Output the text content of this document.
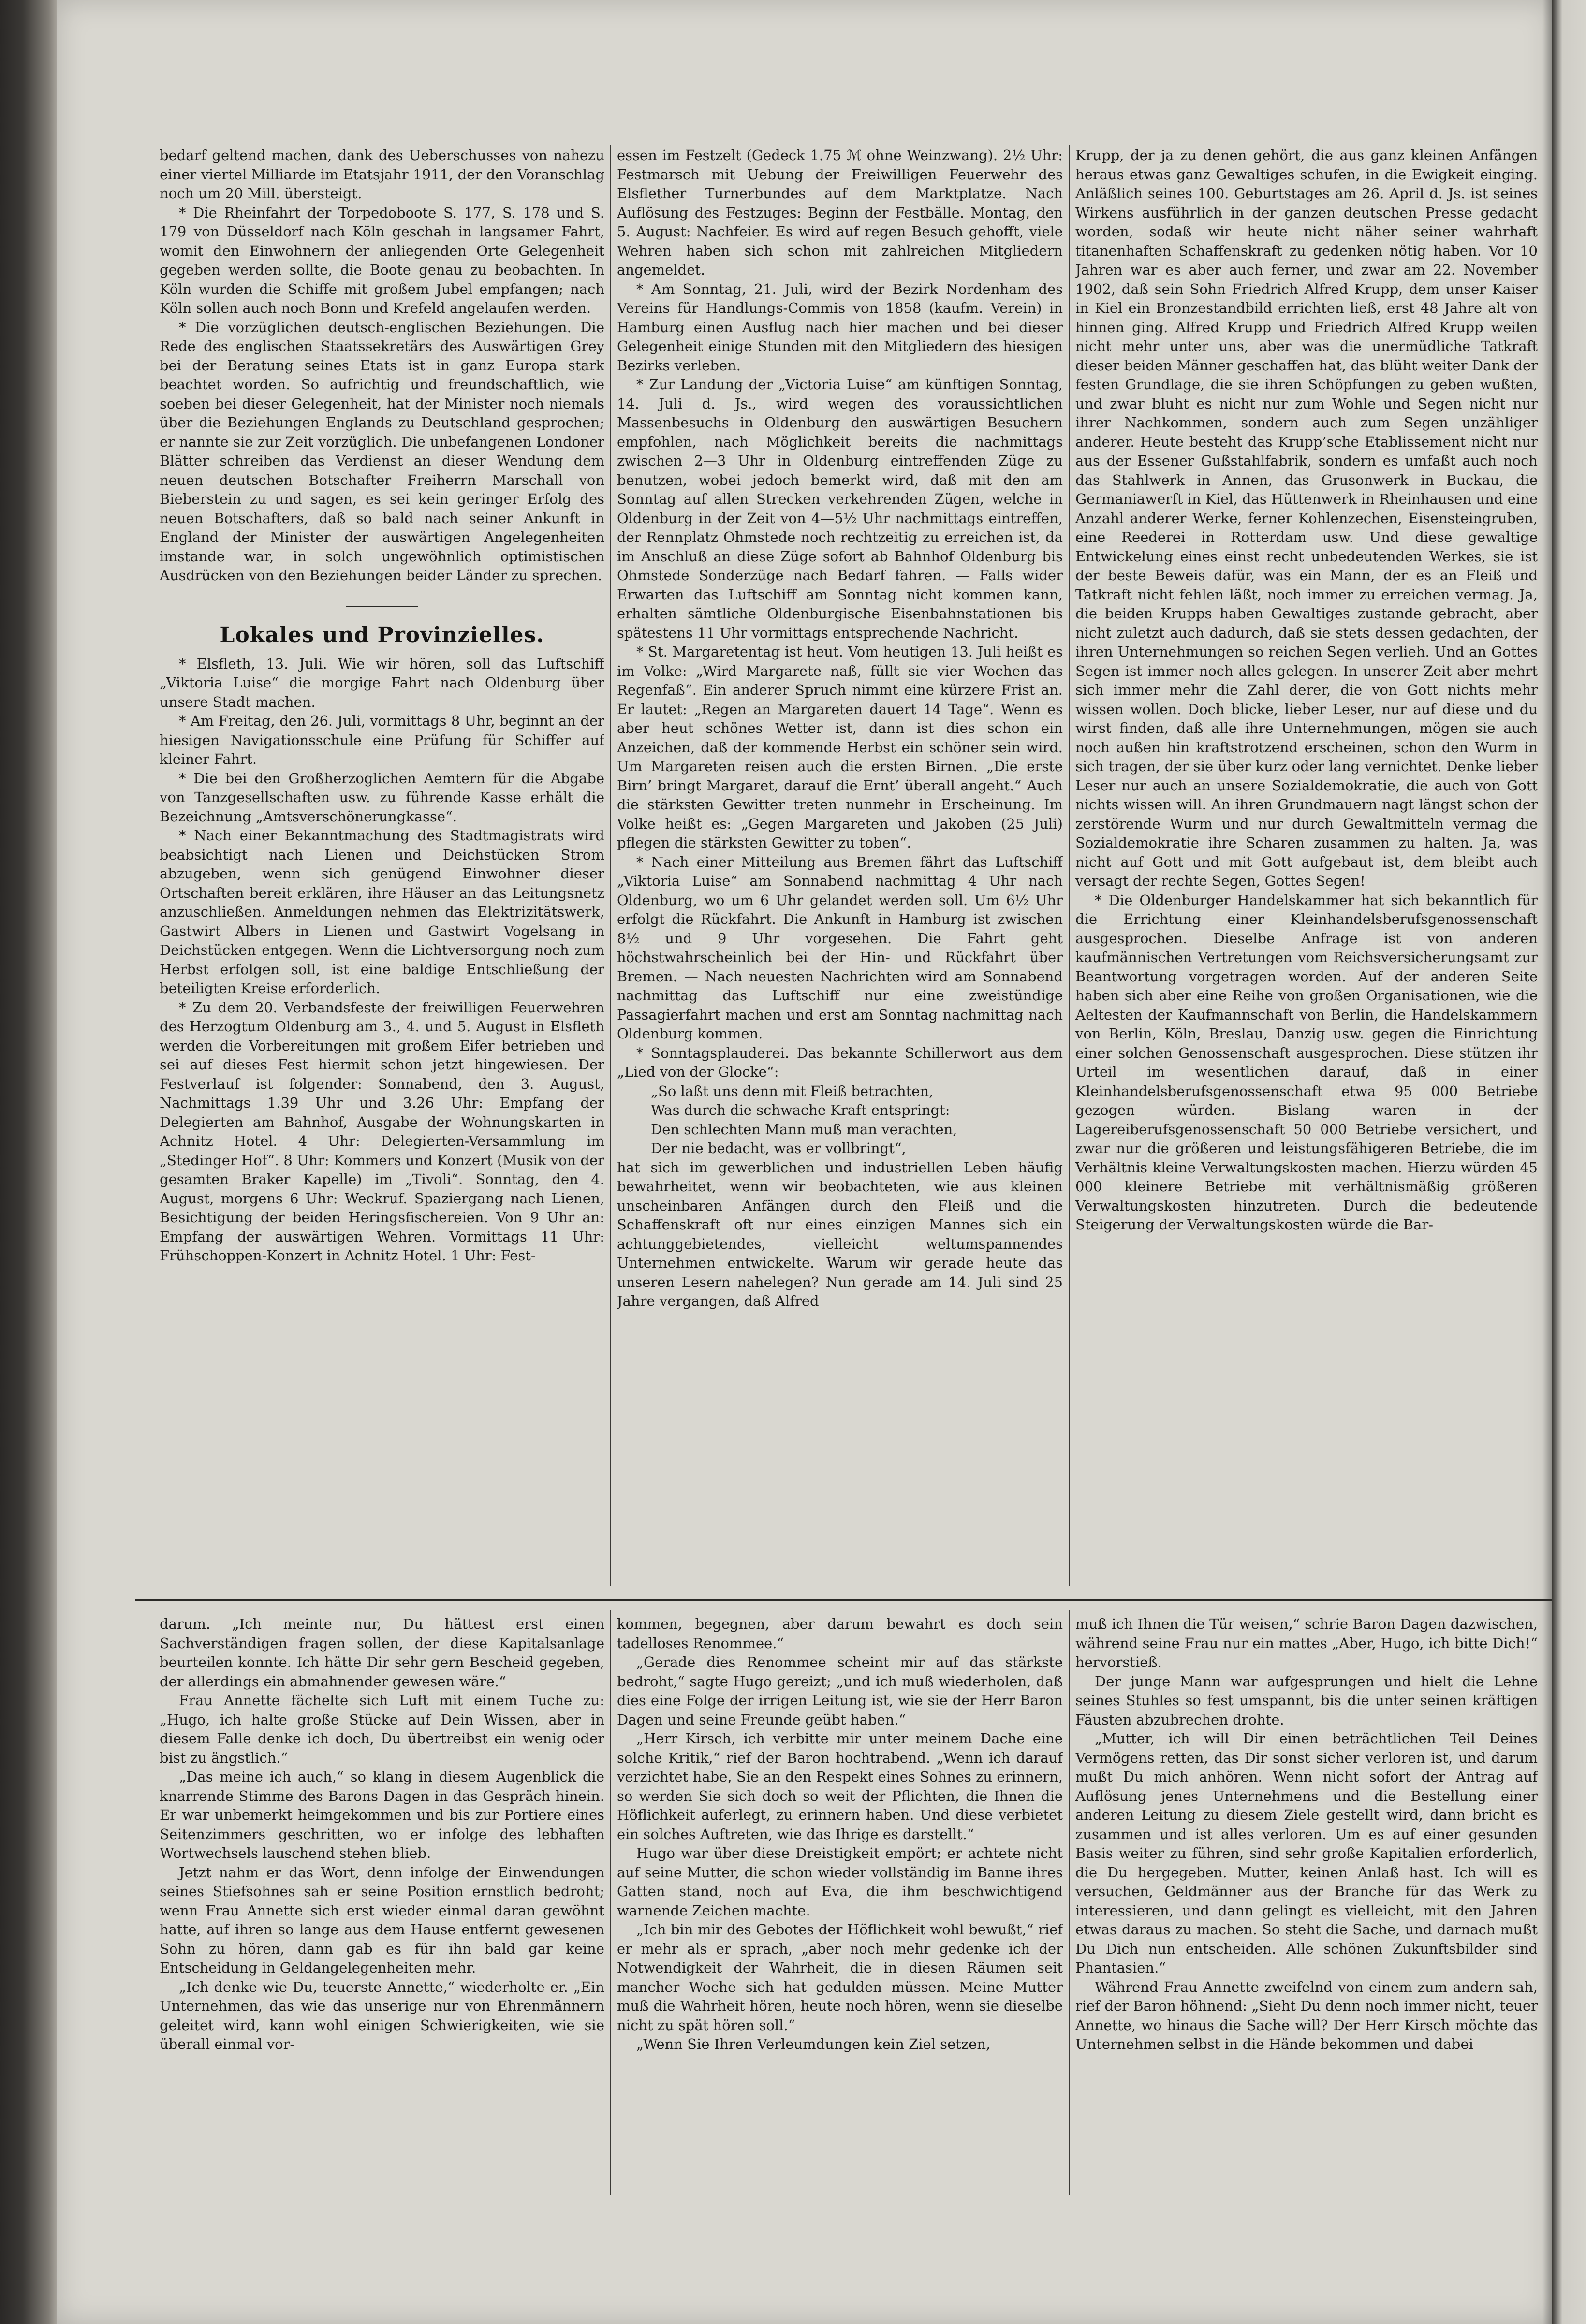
bedarf geltend machen, dank des Ueberschusses von nahezu einer viertel Milliarde im Etatsjahr 1911, der den Voranschlag noch um 20 Mill. übersteigt.

* Die Rheinfahrt der Torpedoboote S. 177, S. 178 und S. 179 von Düsseldorf nach Köln geschah in langsamer Fahrt, womit den Einwohnern der anliegenden Orte Gelegenheit gegeben werden sollte, die Boote genau zu beobachten. In Köln wurden die Schiffe mit großem Jubel empfangen; nach Köln sollen auch noch Bonn und Krefeld angelaufen werden.

* Die vorzüglichen deutsch-englischen Beziehungen. Die Rede des englischen Staatssekretärs des Auswärtigen Grey bei der Beratung seines Etats ist in ganz Europa stark beachtet worden. So aufrichtig und freundschaftlich, wie soeben bei dieser Gelegenheit, hat der Minister noch niemals über die Beziehungen Englands zu Deutschland gesprochen; er nannte sie zur Zeit vorzüglich. Die unbefangenen Londoner Blätter schreiben das Verdienst an dieser Wendung dem neuen deutschen Botschafter Freiherrn Marschall von Bieberstein zu und sagen, es sei kein geringer Erfolg des neuen Botschafters, daß so bald nach seiner Ankunft in England der Minister der auswärtigen Angelegenheiten imstande war, in solch ungewöhnlich optimistischen Ausdrücken von den Beziehungen beider Länder zu sprechen.

Lokales und Provinzielles.

* Elsfleth, 13. Juli. Wie wir hören, soll das Luftschiff „Viktoria Luise“ die morgige Fahrt nach Oldenburg über unsere Stadt machen.

* Am Freitag, den 26. Juli, vormittags 8 Uhr, beginnt an der hiesigen Navigationsschule eine Prüfung für Schiffer auf kleiner Fahrt.

* Die bei den Großherzoglichen Aemtern für die Abgabe von Tanzgesellschaften usw. zu führende Kasse erhält die Bezeichnung „Amtsverschönerungkasse“.

* Nach einer Bekanntmachung des Stadtmagistrats wird beabsichtigt nach Lienen und Deichstücken Strom abzugeben, wenn sich genügend Einwohner dieser Ortschaften bereit erklären, ihre Häuser an das Leitungsnetz anzuschließen. Anmeldungen nehmen das Elektrizitätswerk, Gastwirt Albers in Lienen und Gastwirt Vogelsang in Deichstücken entgegen. Wenn die Lichtversorgung noch zum Herbst erfolgen soll, ist eine baldige Entschließung der beteiligten Kreise erforderlich.

* Zu dem 20. Verbandsfeste der freiwilligen Feuerwehren des Herzogtum Oldenburg am 3., 4. und 5. August in Elsfleth werden die Vorbereitungen mit großem Eifer betrieben und sei auf dieses Fest hiermit schon jetzt hingewiesen. Der Festverlauf ist folgender: Sonnabend, den 3. August, Nachmittags 1.39 Uhr und 3.26 Uhr: Empfang der Delegierten am Bahnhof, Ausgabe der Wohnungskarten in Achnitz Hotel. 4 Uhr: Delegierten-Versammlung im „Stedinger Hof“. 8 Uhr: Kommers und Konzert (Musik von der gesamten Braker Kapelle) im „Tivoli“. Sonntag, den 4. August, morgens 6 Uhr: Weckruf. Spaziergang nach Lienen, Besichtigung der beiden Heringsfischereien. Von 9 Uhr an: Empfang der auswärtigen Wehren. Vormittags 11 Uhr: Frühschoppen-Konzert in Achnitz Hotel. 1 Uhr: Fest-

essen im Festzelt (Gedeck 1.75 ℳ ohne Weinzwang). 2½ Uhr: Festmarsch mit Uebung der Freiwilligen Feuerwehr des Elsflether Turnerbundes auf dem Marktplatze. Nach Auflösung des Festzuges: Beginn der Festbälle. Montag, den 5. August: Nachfeier. Es wird auf regen Besuch gehofft, viele Wehren haben sich schon mit zahlreichen Mitgliedern angemeldet.

* Am Sonntag, 21. Juli, wird der Bezirk Nordenham des Vereins für Handlungs-Commis von 1858 (kaufm. Verein) in Hamburg einen Ausflug nach hier machen und bei dieser Gelegenheit einige Stunden mit den Mitgliedern des hiesigen Bezirks verleben.

* Zur Landung der „Victoria Luise“ am künftigen Sonntag, 14. Juli d. Js., wird wegen des voraussichtlichen Massenbesuchs in Oldenburg den auswärtigen Besuchern empfohlen, nach Möglichkeit bereits die nachmittags zwischen 2—3 Uhr in Oldenburg eintreffenden Züge zu benutzen, wobei jedoch bemerkt wird, daß mit den am Sonntag auf allen Strecken verkehrenden Zügen, welche in Oldenburg in der Zeit von 4—5½ Uhr nachmittags eintreffen, der Rennplatz Ohmstede noch rechtzeitig zu erreichen ist, da im Anschluß an diese Züge sofort ab Bahnhof Oldenburg bis Ohmstede Sonderzüge nach Bedarf fahren. — Falls wider Erwarten das Luftschiff am Sonntag nicht kommen kann, erhalten sämtliche Oldenburgische Eisenbahnstationen bis spätestens 11 Uhr vormittags entsprechende Nachricht.

* St. Margaretentag ist heut. Vom heutigen 13. Juli heißt es im Volke: „Wird Margarete naß, füllt sie vier Wochen das Regenfaß“. Ein anderer Spruch nimmt eine kürzere Frist an. Er lautet: „Regen an Margareten dauert 14 Tage“. Wenn es aber heut schönes Wetter ist, dann ist dies schon ein Anzeichen, daß der kommende Herbst ein schöner sein wird. Um Margareten reisen auch die ersten Birnen. „Die erste Birn’ bringt Margaret, darauf die Ernt’ überall angeht.“ Auch die stärksten Gewitter treten nunmehr in Erscheinung. Im Volke heißt es: „Gegen Margareten und Jakoben (25 Juli) pflegen die stärksten Gewitter zu toben“.

* Nach einer Mitteilung aus Bremen fährt das Luftschiff „Viktoria Luise“ am Sonnabend nachmittag 4 Uhr nach Oldenburg, wo um 6 Uhr gelandet werden soll. Um 6½ Uhr erfolgt die Rückfahrt. Die Ankunft in Hamburg ist zwischen 8½ und 9 Uhr vorgesehen. Die Fahrt geht höchstwahrscheinlich bei der Hin- und Rückfahrt über Bremen. — Nach neuesten Nachrichten wird am Sonnabend nachmittag das Luftschiff nur eine zweistündige Passagierfahrt machen und erst am Sonntag nachmittag nach Oldenburg kommen.

* Sonntagsplauderei. Das bekannte Schillerwort aus dem „Lied von der Glocke“:

„So laßt uns denn mit Fleiß betrachten,

Was durch die schwache Kraft entspringt:

Den schlechten Mann muß man verachten,

Der nie bedacht, was er vollbringt“,

hat sich im gewerblichen und industriellen Leben häufig bewahrheitet, wenn wir beobachteten, wie aus kleinen unscheinbaren Anfängen durch den Fleiß und die Schaffenskraft oft nur eines einzigen Mannes sich ein achtunggebietendes, vielleicht weltumspannendes Unternehmen entwickelte. Warum wir gerade heute das unseren Lesern nahelegen? Nun gerade am 14. Juli sind 25 Jahre vergangen, daß Alfred

Krupp, der ja zu denen gehört, die aus ganz kleinen Anfängen heraus etwas ganz Gewaltiges schufen, in die Ewigkeit einging. Anläßlich seines 100. Geburtstages am 26. April d. Js. ist seines Wirkens ausführlich in der ganzen deutschen Presse gedacht worden, sodaß wir heute nicht näher seiner wahrhaft titanenhaften Schaffenskraft zu gedenken nötig haben. Vor 10 Jahren war es aber auch ferner, und zwar am 22. November 1902, daß sein Sohn Friedrich Alfred Krupp, dem unser Kaiser in Kiel ein Bronzestandbild errichten ließ, erst 48 Jahre alt von hinnen ging. Alfred Krupp und Friedrich Alfred Krupp weilen nicht mehr unter uns, aber was die unermüdliche Tatkraft dieser beiden Männer geschaffen hat, das blüht weiter Dank der festen Grundlage, die sie ihren Schöpfungen zu geben wußten, und zwar bluht es nicht nur zum Wohle und Segen nicht nur ihrer Nachkommen, sondern auch zum Segen unzähliger anderer. Heute besteht das Krupp’sche Etablissement nicht nur aus der Essener Gußstahlfabrik, sondern es umfaßt auch noch das Stahlwerk in Annen, das Grusonwerk in Buckau, die Germaniawerft in Kiel, das Hüttenwerk in Rheinhausen und eine Anzahl anderer Werke, ferner Kohlenzechen, Eisensteingruben, eine Reederei in Rotterdam usw. Und diese gewaltige Entwickelung eines einst recht unbedeutenden Werkes, sie ist der beste Beweis dafür, was ein Mann, der es an Fleiß und Tatkraft nicht fehlen läßt, noch immer zu erreichen vermag. Ja, die beiden Krupps haben Gewaltiges zustande gebracht, aber nicht zuletzt auch dadurch, daß sie stets dessen gedachten, der ihren Unternehmungen so reichen Segen verlieh. Und an Gottes Segen ist immer noch alles gelegen. In unserer Zeit aber mehrt sich immer mehr die Zahl derer, die von Gott nichts mehr wissen wollen. Doch blicke, lieber Leser, nur auf diese und du wirst finden, daß alle ihre Unternehmungen, mögen sie auch noch außen hin kraftstrotzend erscheinen, schon den Wurm in sich tragen, der sie über kurz oder lang vernichtet. Denke lieber Leser nur auch an unsere Sozialdemokratie, die auch von Gott nichts wissen will. An ihren Grundmauern nagt längst schon der zerstörende Wurm und nur durch Gewaltmitteln vermag die Sozialdemokratie ihre Scharen zusammen zu halten. Ja, was nicht auf Gott und mit Gott aufgebaut ist, dem bleibt auch versagt der rechte Segen, Gottes Segen!

* Die Oldenburger Handelskammer hat sich bekanntlich für die Errichtung einer Kleinhandelsberufsgenossenschaft ausgesprochen. Dieselbe Anfrage ist von anderen kaufmännischen Vertretungen vom Reichsversicherungsamt zur Beantwortung vorgetragen worden. Auf der anderen Seite haben sich aber eine Reihe von großen Organisationen, wie die Aeltesten der Kaufmannschaft von Berlin, die Handelskammern von Berlin, Köln, Breslau, Danzig usw. gegen die Einrichtung einer solchen Genossenschaft ausgesprochen. Diese stützen ihr Urteil im wesentlichen darauf, daß in einer Kleinhandelsberufsgenossenschaft etwa 95 000 Betriebe gezogen würden. Bislang waren in der Lagereiberufsgenossenschaft 50 000 Betriebe versichert, und zwar nur die größeren und leistungsfähigeren Betriebe, die im Verhältnis kleine Verwaltungskosten machen. Hierzu würden 45 000 kleinere Betriebe mit verhältnismäßig größeren Verwaltungskosten hinzutreten. Durch die bedeutende Steigerung der Verwaltungskosten würde die Bar-

darum. „Ich meinte nur, Du hättest erst einen Sachverständigen fragen sollen, der diese Kapitalsanlage beurteilen konnte. Ich hätte Dir sehr gern Bescheid gegeben, der allerdings ein abmahnender gewesen wäre.“

Frau Annette fächelte sich Luft mit einem Tuche zu: „Hugo, ich halte große Stücke auf Dein Wissen, aber in diesem Falle denke ich doch, Du übertreibst ein wenig oder bist zu ängstlich.“

„Das meine ich auch,“ so klang in diesem Augenblick die knarrende Stimme des Barons Dagen in das Gespräch hinein. Er war unbemerkt heimgekommen und bis zur Portiere eines Seitenzimmers geschritten, wo er infolge des lebhaften Wortwechsels lauschend stehen blieb.

Jetzt nahm er das Wort, denn infolge der Einwendungen seines Stiefsohnes sah er seine Position ernstlich bedroht; wenn Frau Annette sich erst wieder einmal daran gewöhnt hatte, auf ihren so lange aus dem Hause entfernt gewesenen Sohn zu hören, dann gab es für ihn bald gar keine Entscheidung in Geldangelegenheiten mehr.

„Ich denke wie Du, teuerste Annette,“ wiederholte er. „Ein Unternehmen, das wie das unserige nur von Ehrenmännern geleitet wird, kann wohl einigen Schwierigkeiten, wie sie überall einmal vor-

kommen, begegnen, aber darum bewahrt es doch sein tadelloses Renommee.“

„Gerade dies Renommee scheint mir auf das stärkste bedroht,“ sagte Hugo gereizt; „und ich muß wiederholen, daß dies eine Folge der irrigen Leitung ist, wie sie der Herr Baron Dagen und seine Freunde geübt haben.“

„Herr Kirsch, ich verbitte mir unter meinem Dache eine solche Kritik,“ rief der Baron hochtrabend. „Wenn ich darauf verzichtet habe, Sie an den Respekt eines Sohnes zu erinnern, so werden Sie sich doch so weit der Pflichten, die Ihnen die Höflichkeit auferlegt, zu erinnern haben. Und diese verbietet ein solches Auftreten, wie das Ihrige es darstellt.“

Hugo war über diese Dreistigkeit empört; er achtete nicht auf seine Mutter, die schon wieder vollständig im Banne ihres Gatten stand, noch auf Eva, die ihm beschwichtigend warnende Zeichen machte.

„Ich bin mir des Gebotes der Höflichkeit wohl bewußt,“ rief er mehr als er sprach, „aber noch mehr gedenke ich der Notwendigkeit der Wahrheit, die in diesen Räumen seit mancher Woche sich hat gedulden müssen. Meine Mutter muß die Wahrheit hören, heute noch hören, wenn sie dieselbe nicht zu spät hören soll.“

„Wenn Sie Ihren Verleumdungen kein Ziel setzen,

muß ich Ihnen die Tür weisen,“ schrie Baron Dagen dazwischen, während seine Frau nur ein mattes „Aber, Hugo, ich bitte Dich!“ hervorstieß.

Der junge Mann war aufgesprungen und hielt die Lehne seines Stuhles so fest umspannt, bis die unter seinen kräftigen Fäusten abzubrechen drohte.

„Mutter, ich will Dir einen beträchtlichen Teil Deines Vermögens retten, das Dir sonst sicher verloren ist, und darum mußt Du mich anhören. Wenn nicht sofort der Antrag auf Auflösung jenes Unternehmens und die Bestellung einer anderen Leitung zu diesem Ziele gestellt wird, dann bricht es zusammen und ist alles verloren. Um es auf einer gesunden Basis weiter zu führen, sind sehr große Kapitalien erforderlich, die Du hergegeben. Mutter, keinen Anlaß hast. Ich will es versuchen, Geldmänner aus der Branche für das Werk zu interessieren, und dann gelingt es vielleicht, mit den Jahren etwas daraus zu machen. So steht die Sache, und darnach mußt Du Dich nun entscheiden. Alle schönen Zukunftsbilder sind Phantasien.“

Während Frau Annette zweifelnd von einem zum andern sah, rief der Baron höhnend: „Sieht Du denn noch immer nicht, teuer Annette, wo hinaus die Sache will? Der Herr Kirsch möchte das Unternehmen selbst in die Hände bekommen und dabei
